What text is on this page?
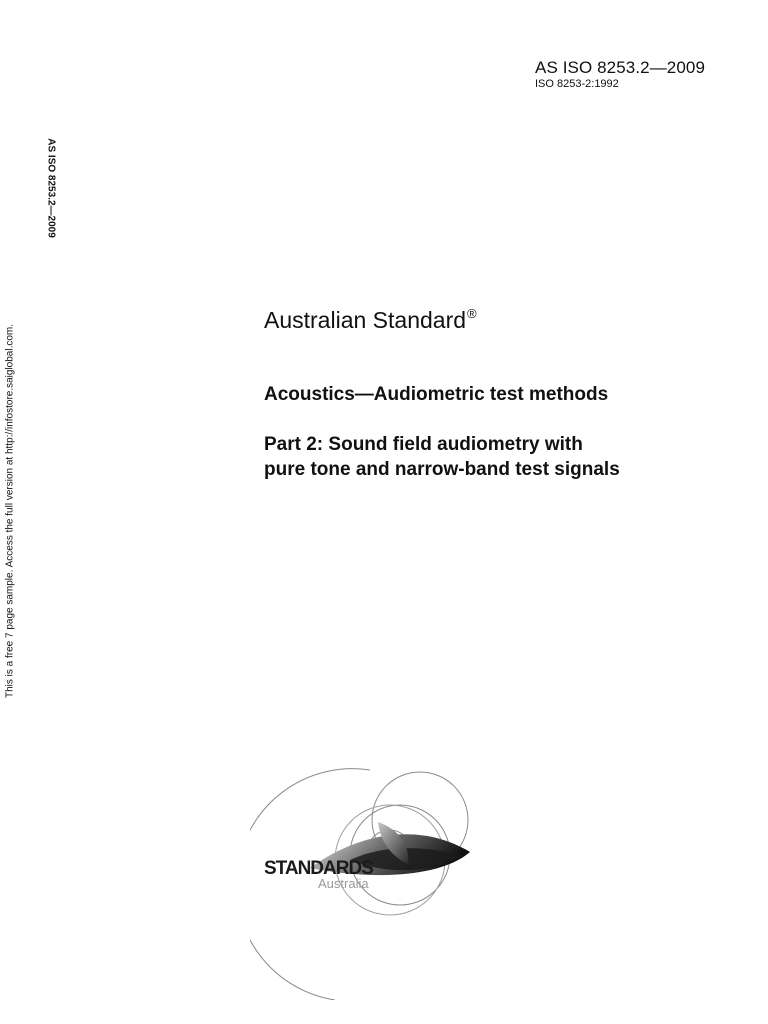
AS ISO 8253.2—2009
ISO 8253-2:1992
AS ISO 8253.2—2009
This is a free 7 page sample. Access the full version at http://infostore.saiglobal.com.
Australian Standard®
Acoustics—Audiometric test methods
Part 2: Sound field audiometry with
pure tone and narrow-band test signals
STANDARDS
Australia
